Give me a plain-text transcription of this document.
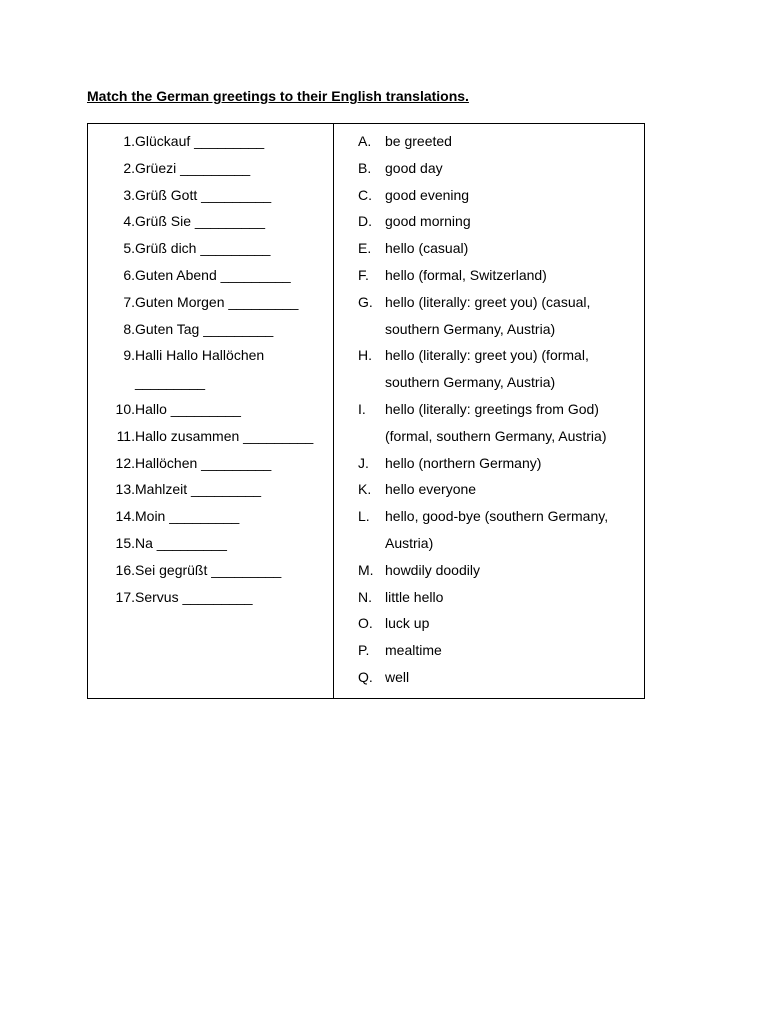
Match the German greetings to their English translations.
1. Glückauf _________
2. Grüezi _________
3. Grüß Gott _________
4. Grüß Sie _________
5. Grüß dich _________
6. Guten Abend _________
7. Guten Morgen _________
8. Guten Tag _________
9. Halli Hallo Hallöchen _________
10. Hallo _________
11. Hallo zusammen _________
12. Hallöchen _________
13. Mahlzeit _________
14. Moin _________
15. Na _________
16. Sei gegrüßt _________
17. Servus _________
A. be greeted
B. good day
C. good evening
D. good morning
E. hello (casual)
F.	hello (formal, Switzerland)
G. hello (literally: greet you) (casual, southern Germany, Austria)
H. hello (literally: greet you) (formal, southern Germany, Austria)
I.	hello (literally: greetings from God) (formal, southern Germany, Austria)
J.	hello (northern Germany)
K. hello everyone
L.	hello, good-bye (southern Germany, Austria)
M. howdily doodily
N. little hello
O. luck up
P.	mealtime
Q. well
